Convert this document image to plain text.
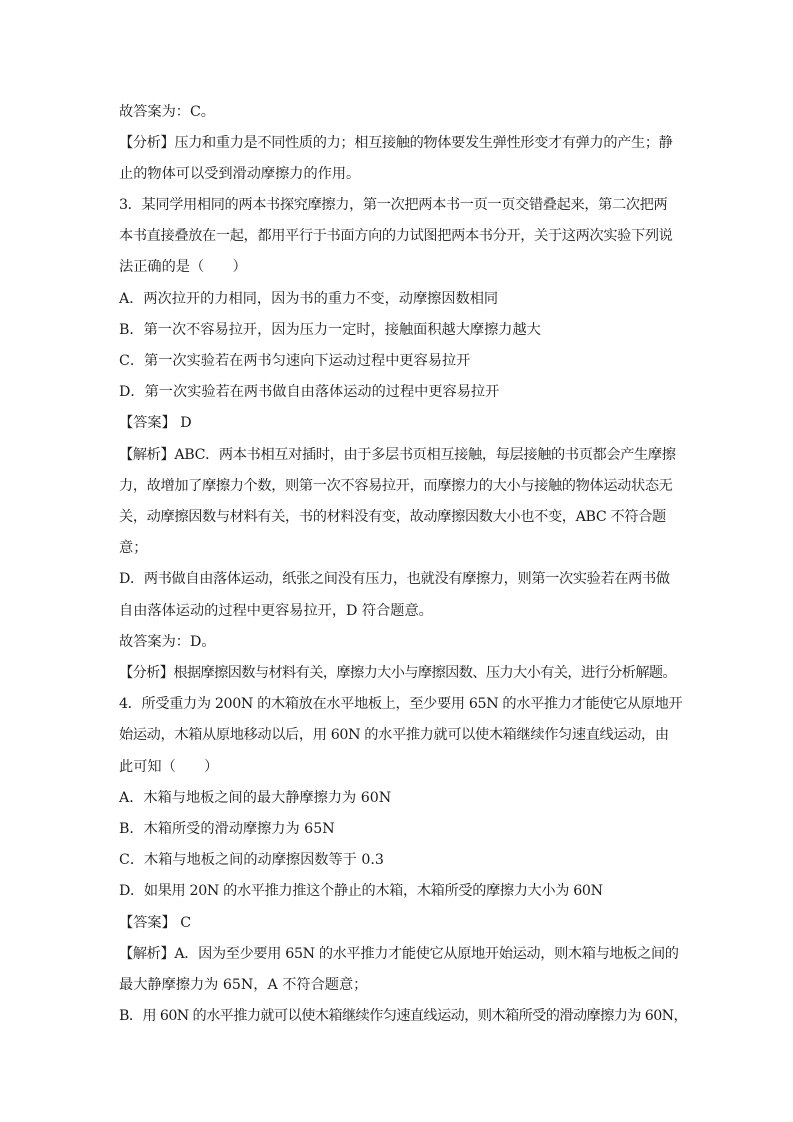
故答案为：C。
【分析】压力和重力是不同性质的力；相互接触的物体要发生弹性形变才有弹力的产生；静
止的物体可以受到滑动摩擦力的作用。
3．某同学用相同的两本书探究摩擦力，第一次把两本书一页一页交错叠起来，第二次把两
本书直接叠放在一起，都用平行于书面方向的力试图把两本书分开，关于这两次实验下列说
法正确的是（　　）
A．两次拉开的力相同，因为书的重力不变，动摩擦因数相同
B．第一次不容易拉开，因为压力一定时，接触面积越大摩擦力越大
C．第一次实验若在两书匀速向下运动过程中更容易拉开
D．第一次实验若在两书做自由落体运动的过程中更容易拉开
【答案】 D
【解析】ABC．两本书相互对插时，由于多层书页相互接触，每层接触的书页都会产生摩擦
力，故增加了摩擦力个数，则第一次不容易拉开，而摩擦力的大小与接触的物体运动状态无
关，动摩擦因数与材料有关，书的材料没有变，故动摩擦因数大小也不变，ABC 不符合题
意；
D．两书做自由落体运动，纸张之间没有压力，也就没有摩擦力，则第一次实验若在两书做
自由落体运动的过程中更容易拉开，D 符合题意。
故答案为：D。
【分析】根据摩擦因数与材料有关，摩擦力大小与摩擦因数、压力大小有关，进行分析解题。
4．所受重力为 200N 的木箱放在水平地板上，至少要用 65N 的水平推力才能使它从原地开
始运动，木箱从原地移动以后，用 60N 的水平推力就可以使木箱继续作匀速直线运动，由
此可知（　　）
A．木箱与地板之间的最大静摩擦力为 60N
B．木箱所受的滑动摩擦力为 65N
C．木箱与地板之间的动摩擦因数等于 0.3
D．如果用 20N 的水平推力推这个静止的木箱，木箱所受的摩擦力大小为 60N
【答案】 C
【解析】A．因为至少要用 65N 的水平推力才能使它从原地开始运动，则木箱与地板之间的
最大静摩擦力为 65N，A 不符合题意；
B．用 60N 的水平推力就可以使木箱继续作匀速直线运动，则木箱所受的滑动摩擦力为 60N，
